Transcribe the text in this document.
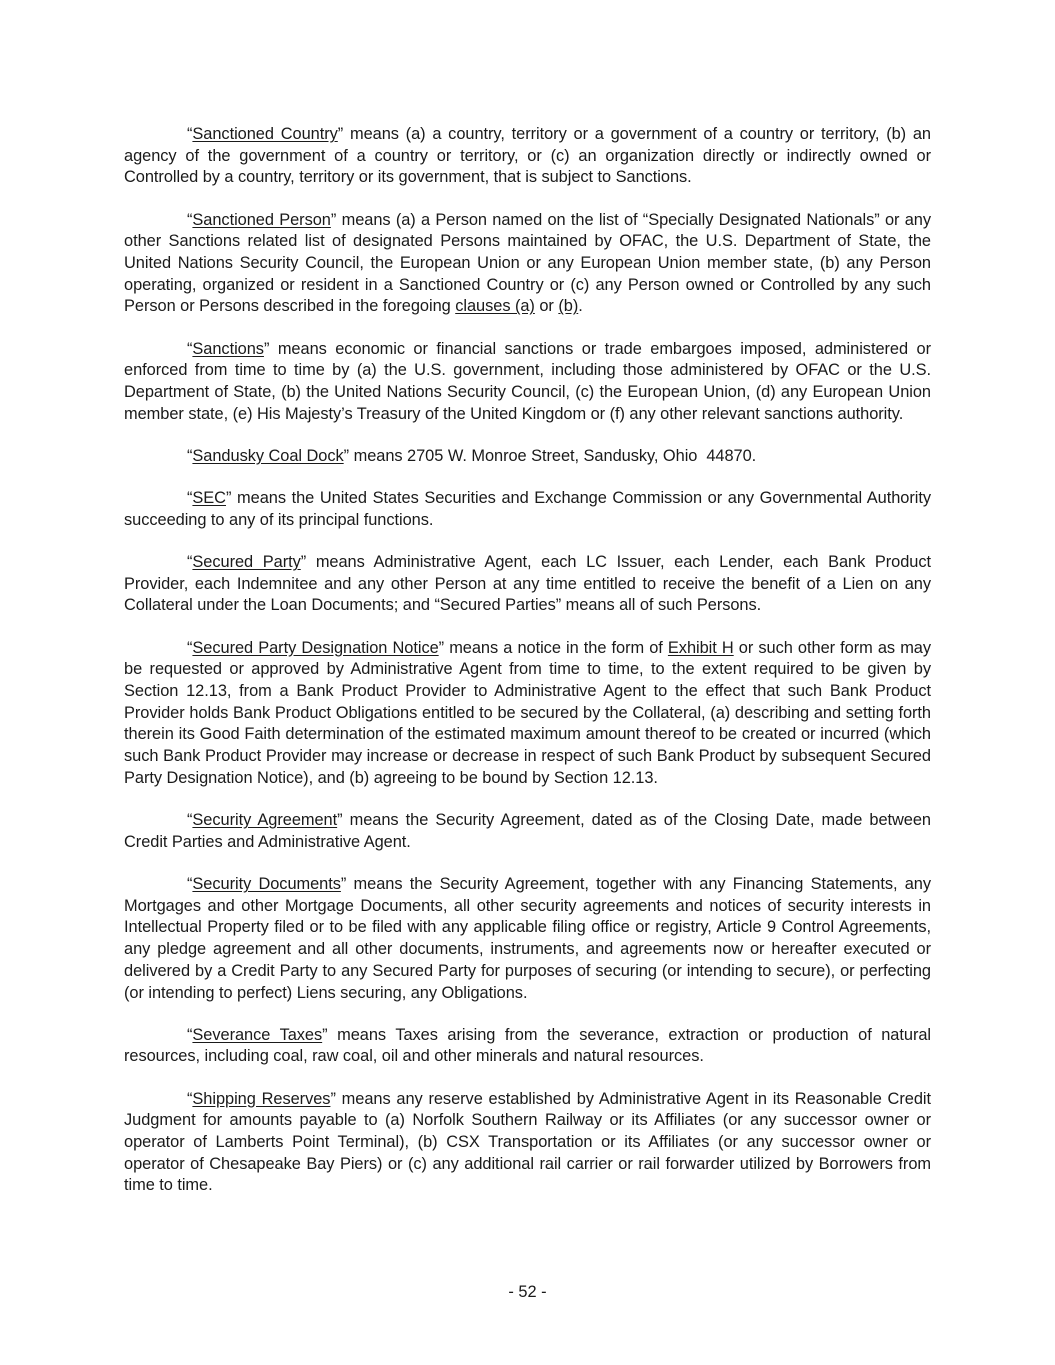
“Sanctioned Country” means (a) a country, territory or a government of a country or territory, (b) an agency of the government of a country or territory, or (c) an organization directly or indirectly owned or Controlled by a country, territory or its government, that is subject to Sanctions.

“Sanctioned Person” means (a) a Person named on the list of “Specially Designated Nationals” or any other Sanctions related list of designated Persons maintained by OFAC, the U.S. Department of State, the United Nations Security Council, the European Union or any European Union member state, (b) any Person operating, organized or resident in a Sanctioned Country or (c) any Person owned or Controlled by any such Person or Persons described in the foregoing clauses (a) or (b).

“Sanctions” means economic or financial sanctions or trade embargoes imposed, administered or enforced from time to time by (a) the U.S. government, including those administered by OFAC or the U.S. Department of State, (b) the United Nations Security Council, (c) the European Union, (d) any European Union member state, (e) His Majesty’s Treasury of the United Kingdom or (f) any other relevant sanctions authority.

“Sandusky Coal Dock” means 2705 W. Monroe Street, Sandusky, Ohio  44870.

“SEC” means the United States Securities and Exchange Commission or any Governmental Authority succeeding to any of its principal functions.

“Secured Party” means Administrative Agent, each LC Issuer, each Lender, each Bank Product Provider, each Indemnitee and any other Person at any time entitled to receive the benefit of a Lien on any Collateral under the Loan Documents; and “Secured Parties” means all of such Persons.

“Secured Party Designation Notice” means a notice in the form of Exhibit H or such other form as may be requested or approved by Administrative Agent from time to time, to the extent required to be given by Section 12.13, from a Bank Product Provider to Administrative Agent to the effect that such Bank Product Provider holds Bank Product Obligations entitled to be secured by the Collateral, (a) describing and setting forth therein its Good Faith determination of the estimated maximum amount thereof to be created or incurred (which such Bank Product Provider may increase or decrease in respect of such Bank Product by subsequent Secured Party Designation Notice), and (b) agreeing to be bound by Section 12.13.

“Security Agreement” means the Security Agreement, dated as of the Closing Date, made between Credit Parties and Administrative Agent.

“Security Documents” means the Security Agreement, together with any Financing Statements, any Mortgages and other Mortgage Documents, all other security agreements and notices of security interests in Intellectual Property filed or to be filed with any applicable filing office or registry, Article 9 Control Agreements, any pledge agreement and all other documents, instruments, and agreements now or hereafter executed or delivered by a Credit Party to any Secured Party for purposes of securing (or intending to secure), or perfecting (or intending to perfect) Liens securing, any Obligations.

“Severance Taxes” means Taxes arising from the severance, extraction or production of natural resources, including coal, raw coal, oil and other minerals and natural resources.

“Shipping Reserves” means any reserve established by Administrative Agent in its Reasonable Credit Judgment for amounts payable to (a) Norfolk Southern Railway or its Affiliates (or any successor owner or operator of Lamberts Point Terminal), (b) CSX Transportation or its Affiliates (or any successor owner or operator of Chesapeake Bay Piers) or (c) any additional rail carrier or rail forwarder utilized by Borrowers from time to time.

- 52 -
